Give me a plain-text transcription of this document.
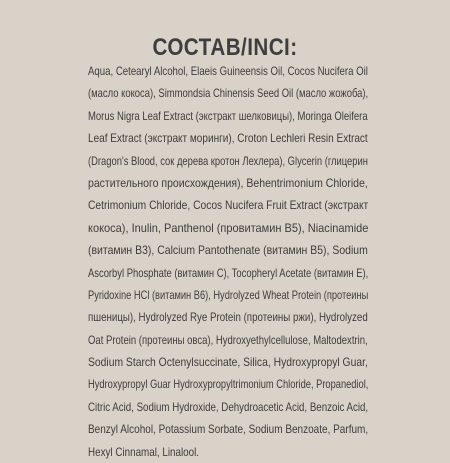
СОСТАВ/INCI:
Aqua, Cetearyl Alcohol, Elaeis Guineensis Oil, Cocos Nucifera Oil
(масло кокоса), Simmondsia Chinensis Seed Oil (масло жожоба),
Morus Nigra Leaf Extract (экстракт шелковицы), Moringa Oleifera
Leaf Extract (экстракт моринги), Croton Lechleri Resin Extract
(Dragon's Blood, сок дерева кротон Лехлера), Glycerin (глицерин
растительного происхождения), Behentrimonium Chloride,
Cetrimonium Chloride, Cocos Nucifera Fruit Extract (экстракт
кокоса), Inulin, Panthenol (провитамин B5), Niacinamide
(витамин B3), Calcium Pantothenate (витамин B5), Sodium
Ascorbyl Phosphate (витамин C), Tocopheryl Acetate (витамин E),
Pyridoxine HCl (витамин B6), Hydrolyzed Wheat Protein (протеины
пшеницы), Hydrolyzed Rye Protein (протеины ржи), Hydrolyzed
Oat Protein (протеины овса), Hydroxyethylcellulose, Maltodextrin,
Sodium Starch Octenylsuccinate, Silica, Hydroxypropyl Guar,
Hydroxypropyl Guar Hydroxypropyltrimonium Chloride, Propanediol,
Citric Acid, Sodium Hydroxide, Dehydroacetic Acid, Benzoic Acid,
Benzyl Alcohol, Potassium Sorbate, Sodium Benzoate, Parfum,
Hexyl Cinnamal, Linalool.
